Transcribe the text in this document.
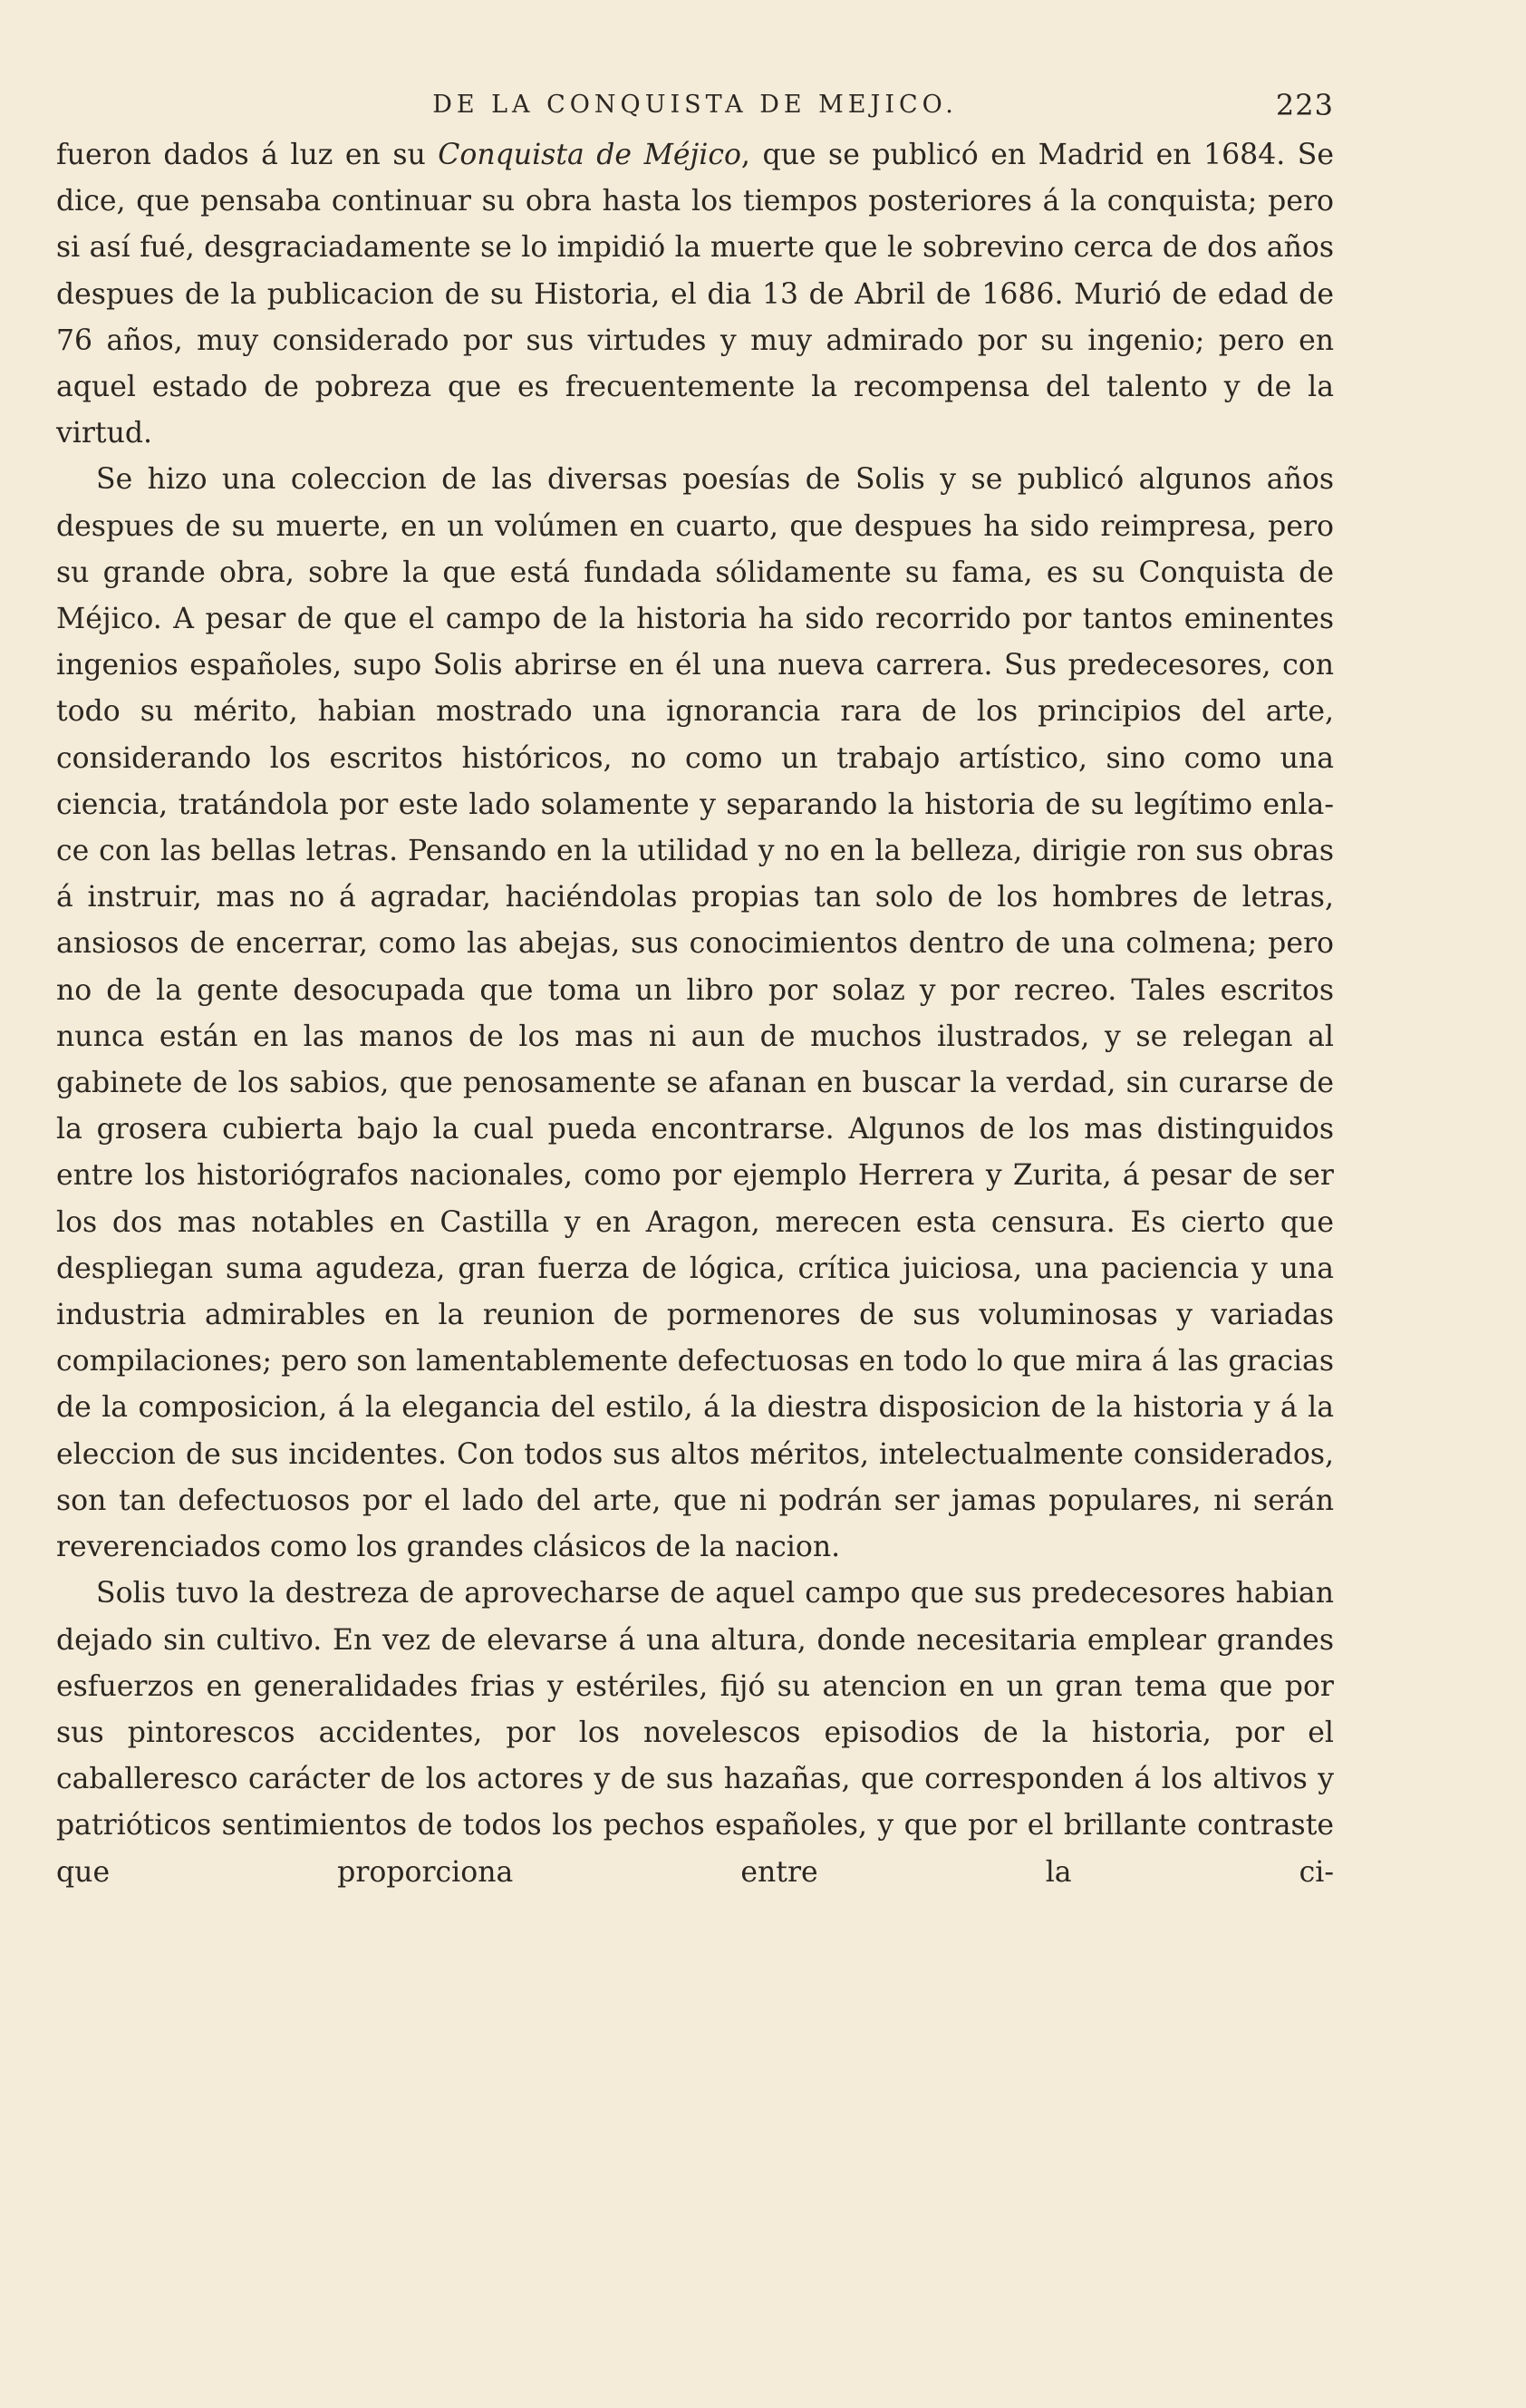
DE LA CONQUISTA DE MEJICO.	223

fueron dados á luz en su Conquista de Méjico, que se publicó en Madrid en 1684. Se dice, que pensaba continuar su obra hasta los tiempos posteriores á la conquista; pero si así fué, desgraciadamente se lo impidió la muerte que le sobrevino cerca de dos años despues de la publicacion de su Historia, el dia 13 de Abril de 1686. Murió de edad de 76 años, muy considerado por sus virtudes y muy admirado por su ingenio; pero en aquel estado de pobreza que es frecuentemente la recompensa del talento y de la virtud.

Se hizo una coleccion de las diversas poesías de Solis y se publicó algunos años despues de su muerte, en un volúmen en cuarto, que despues ha sido reimpresa, pero su grande obra, sobre la que está fundada sólidamente su fama, es su Conquista de Méjico. A pesar de que el campo de la historia ha sido recorrido por tantos eminentes ingenios españoles, supo Solis abrirse en él una nueva carrera. Sus predecesores, con todo su mérito, habian mostrado una ignorancia rara de los principios del arte, considerando los escritos históricos, no como un trabajo artístico, sino como una ciencia, tratándola por este lado solamente y separando la historia de su legítimo enlace con las bellas letras. Pensando en la utilidad y no en la belleza, dirigie ron sus obras á instruir, mas no á agradar, haciéndolas propias tan solo de los hombres de letras, ansiosos de encerrar, como las abejas, sus conocimientos dentro de una colmena; pero no de la gente desocupada que toma un libro por solaz y por recreo. Tales escritos nunca están en las manos de los mas ni aun de muchos ilustrados, y se relegan al gabinete de los sabios, que penosamente se afanan en buscar la verdad, sin curarse de la grosera cubierta bajo la cual pueda encontrarse. Algunos de los mas distinguidos entre los historiógrafos nacionales, como por ejemplo Herrera y Zurita, á pesar de ser los dos mas notables en Castilla y en Aragon, merecen esta censura. Es cierto que despliegan suma agudeza, gran fuerza de lógica, crítica juiciosa, una paciencia y una industria admirables en la reunion de pormenores de sus voluminosas y variadas compilaciones; pero son lamentablemente defectuosas en todo lo que mira á las gracias de la composicion, á la elegancia del estilo, á la diestra disposicion de la historia y á la eleccion de sus incidentes. Con todos sus altos méritos, intelectualmente considerados, son tan defectuosos por el lado del arte, que ni podrán ser jamas populares, ni serán reverenciados como los grandes clásicos de la nacion.

Solis tuvo la destreza de aprovecharse de aquel campo que sus predecesores habian dejado sin cultivo. En vez de elevarse á una altura, donde necesitaria emplear grandes esfuerzos en generalidades frias y estériles, fijó su atencion en un gran tema que por sus pintorescos accidentes, por los novelescos episodios de la historia, por el caballeresco carácter de los actores y de sus hazañas, que corresponden á los altivos y patrióticos sentimientos de todos los pechos españoles, y que por el brillante contraste que proporciona entre la ci-
